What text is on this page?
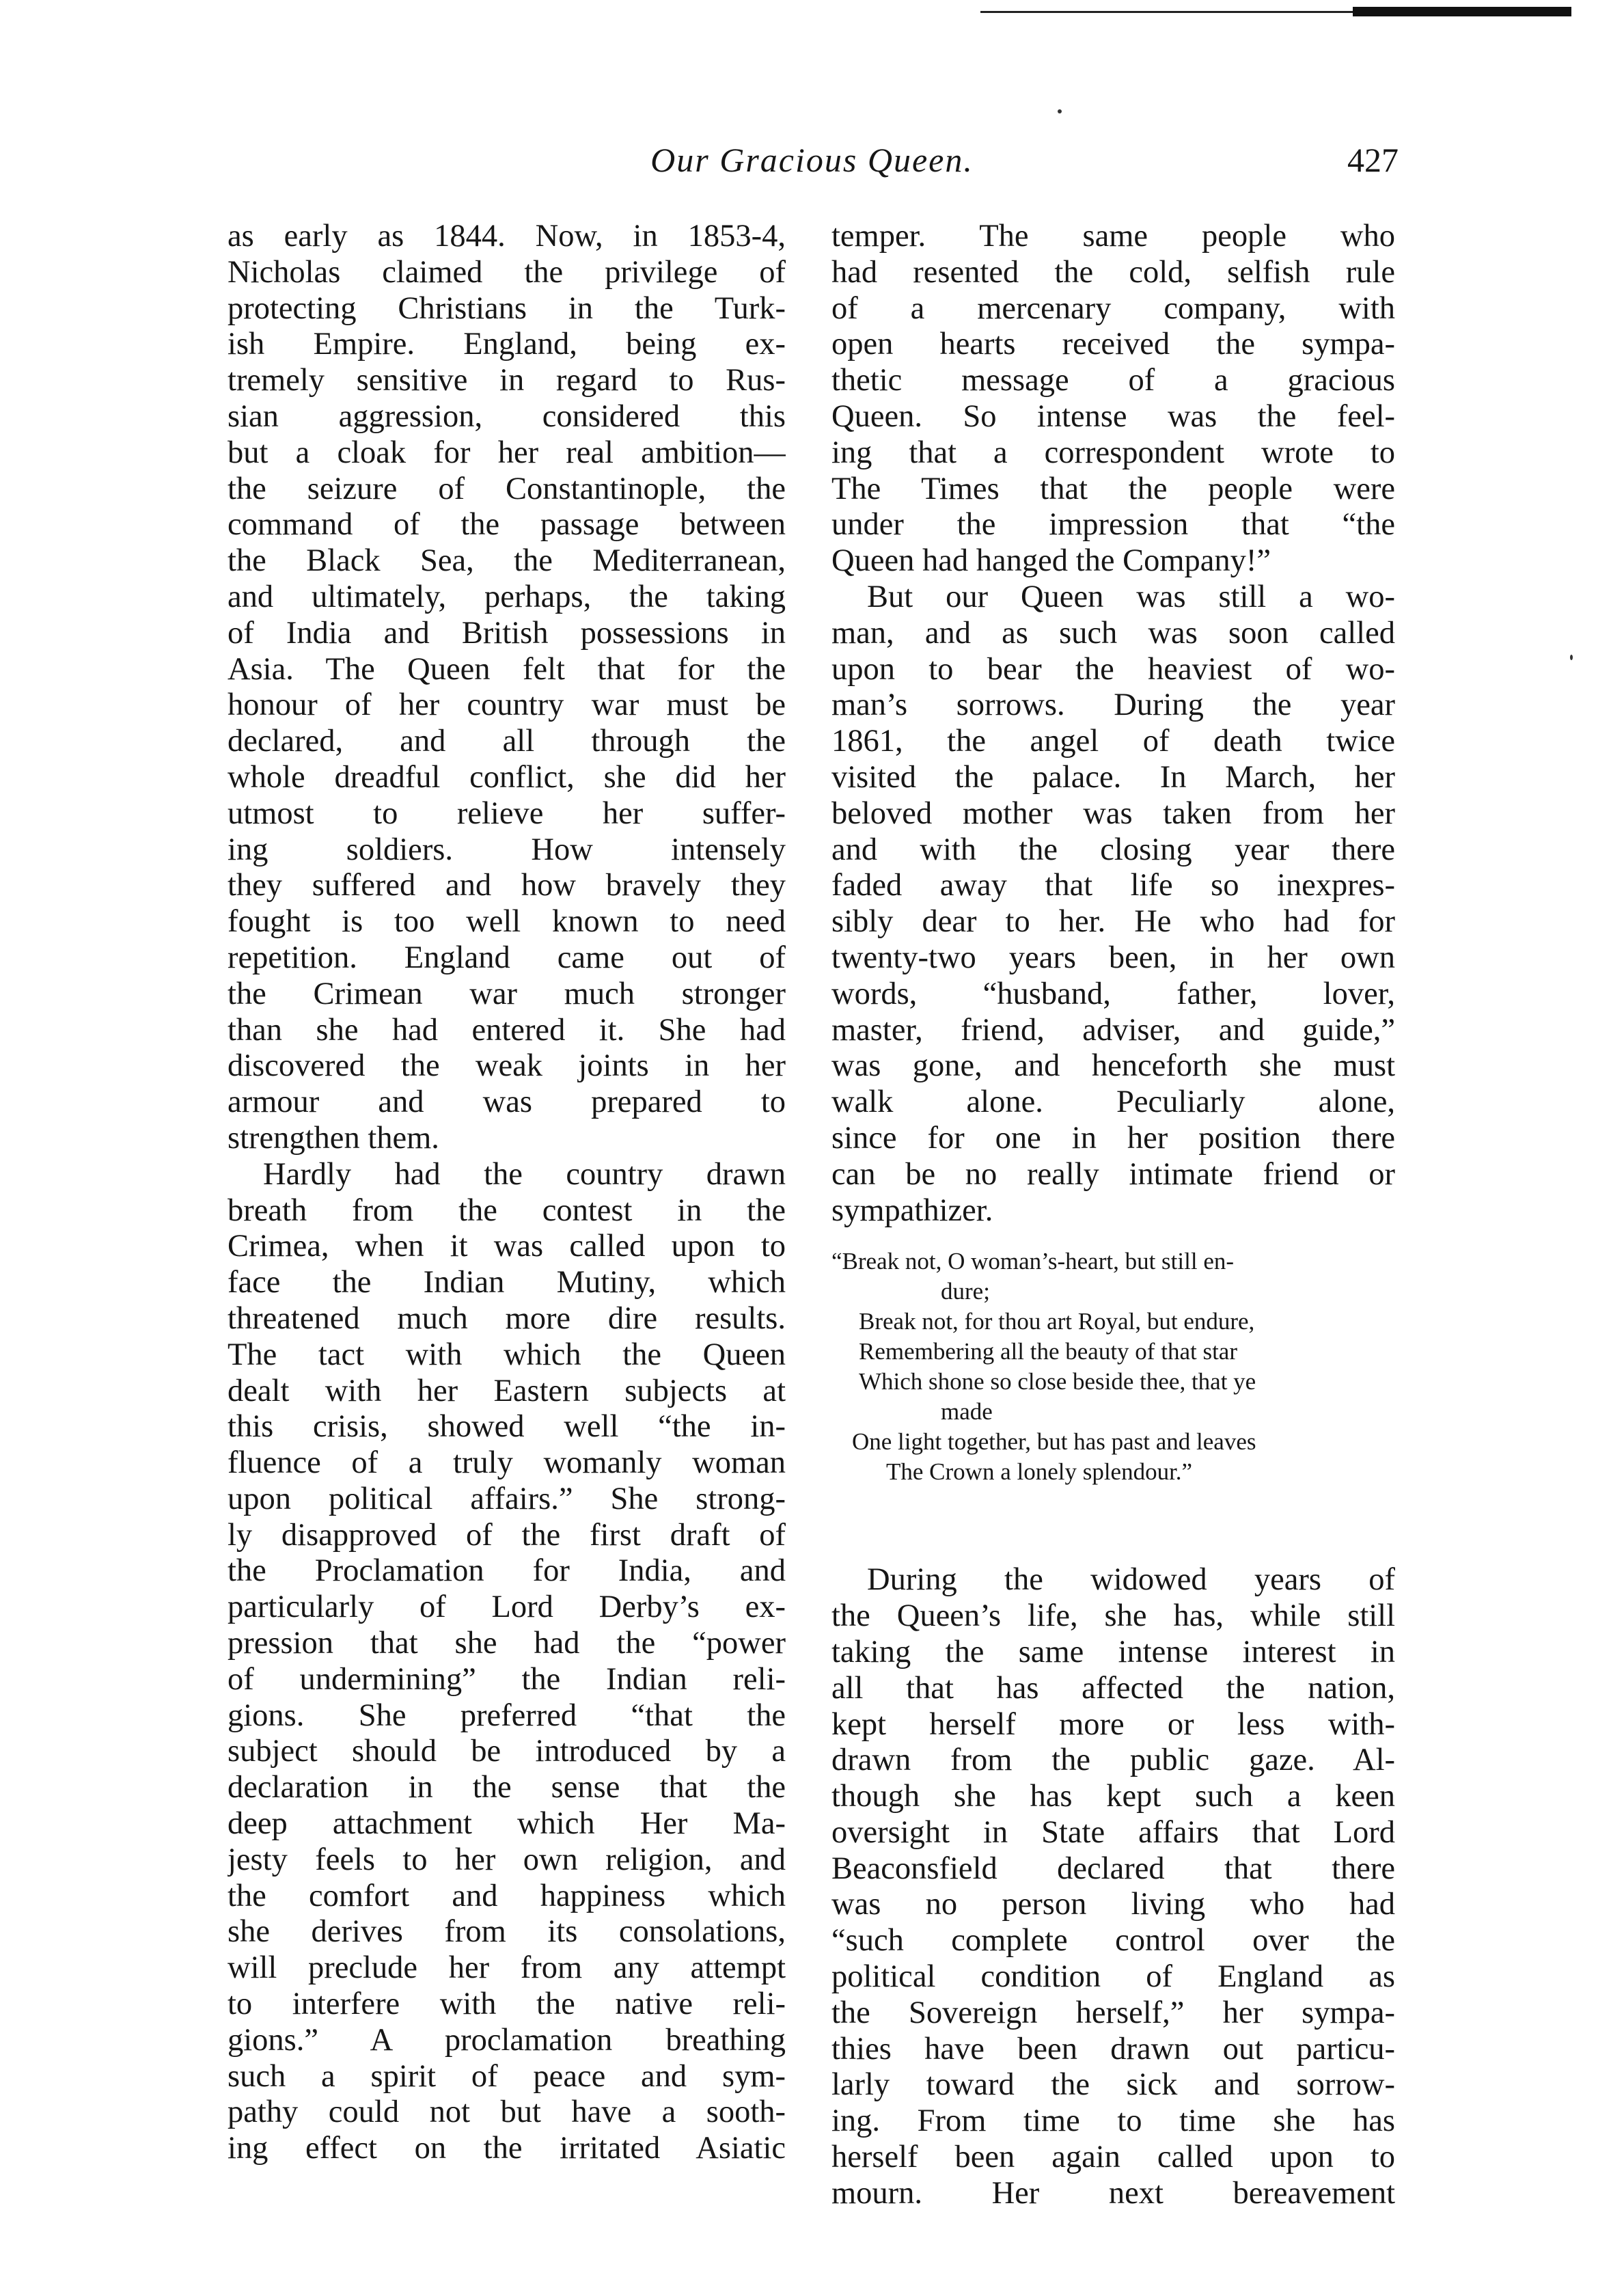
Our Gracious Queen.	427
as early as 1844. Now, in 1853-4,
Nicholas claimed the privilege of
protecting Christians in the Turk-
ish Empire. England, being ex-
tremely sensitive in regard to Rus-
sian aggression, considered this
but a cloak for her real ambition—
the seizure of Constantinople, the
command of the passage between
the Black Sea, the Mediterranean,
and ultimately, perhaps, the taking
of India and British possessions in
Asia. The Queen felt that for the
honour of her country war must be
declared, and all through the
whole dreadful conflict, she did her
utmost to relieve her suffer-
ing soldiers. How intensely
they suffered and how bravely they
fought is too well known to need
repetition. England came out of
the Crimean war much stronger
than she had entered it. She had
discovered the weak joints in her
armour and was prepared to
strengthen them.
Hardly had the country drawn
breath from the contest in the
Crimea, when it was called upon to
face the Indian Mutiny, which
threatened much more dire results.
The tact with which the Queen
dealt with her Eastern subjects at
this crisis, showed well “the in-
fluence of a truly womanly woman
upon political affairs.” She strong-
ly disapproved of the first draft of
the Proclamation for India, and
particularly of Lord Derby’s ex-
pression that she had the “power
of undermining” the Indian reli-
gions. She preferred “that the
subject should be introduced by a
declaration in the sense that the
deep attachment which Her Ma-
jesty feels to her own religion, and
the comfort and happiness which
she derives from its consolations,
will preclude her from any attempt
to interfere with the native reli-
gions.” A proclamation breathing
such a spirit of peace and sym-
pathy could not but have a sooth-
ing effect on the irritated Asiatic
temper. The same people who
had resented the cold, selfish rule
of a mercenary company, with
open hearts received the sympa-
thetic message of a gracious
Queen. So intense was the feel-
ing that a correspondent wrote to
The Times that the people were
under the impression that “the
Queen had hanged the Company!”
But our Queen was still a wo-
man, and as such was soon called
upon to bear the heaviest of wo-
man’s sorrows. During the year
1861, the angel of death twice
visited the palace. In March, her
beloved mother was taken from her
and with the closing year there
faded away that life so inexpres-
sibly dear to her. He who had for
twenty-two years been, in her own
words, “husband, father, lover,
master, friend, adviser, and guide,”
was gone, and henceforth she must
walk alone. Peculiarly alone,
since for one in her position there
can be no really intimate friend or
sympathizer.
“Break not, O woman’s-heart, but still en-
dure;
Break not, for thou art Royal, but endure,
Remembering all the beauty of that star
Which shone so close beside thee, that ye
made
One light together, but has past and leaves
The Crown a lonely splendour.”
During the widowed years of
the Queen’s life, she has, while still
taking the same intense interest in
all that has affected the nation,
kept herself more or less with-
drawn from the public gaze. Al-
though she has kept such a keen
oversight in State affairs that Lord
Beaconsfield declared that there
was no person living who had
“such complete control over the
political condition of England as
the Sovereign herself,” her sympa-
thies have been drawn out particu-
larly toward the sick and sorrow-
ing. From time to time she has
herself been again called upon to
mourn. Her next bereavement
